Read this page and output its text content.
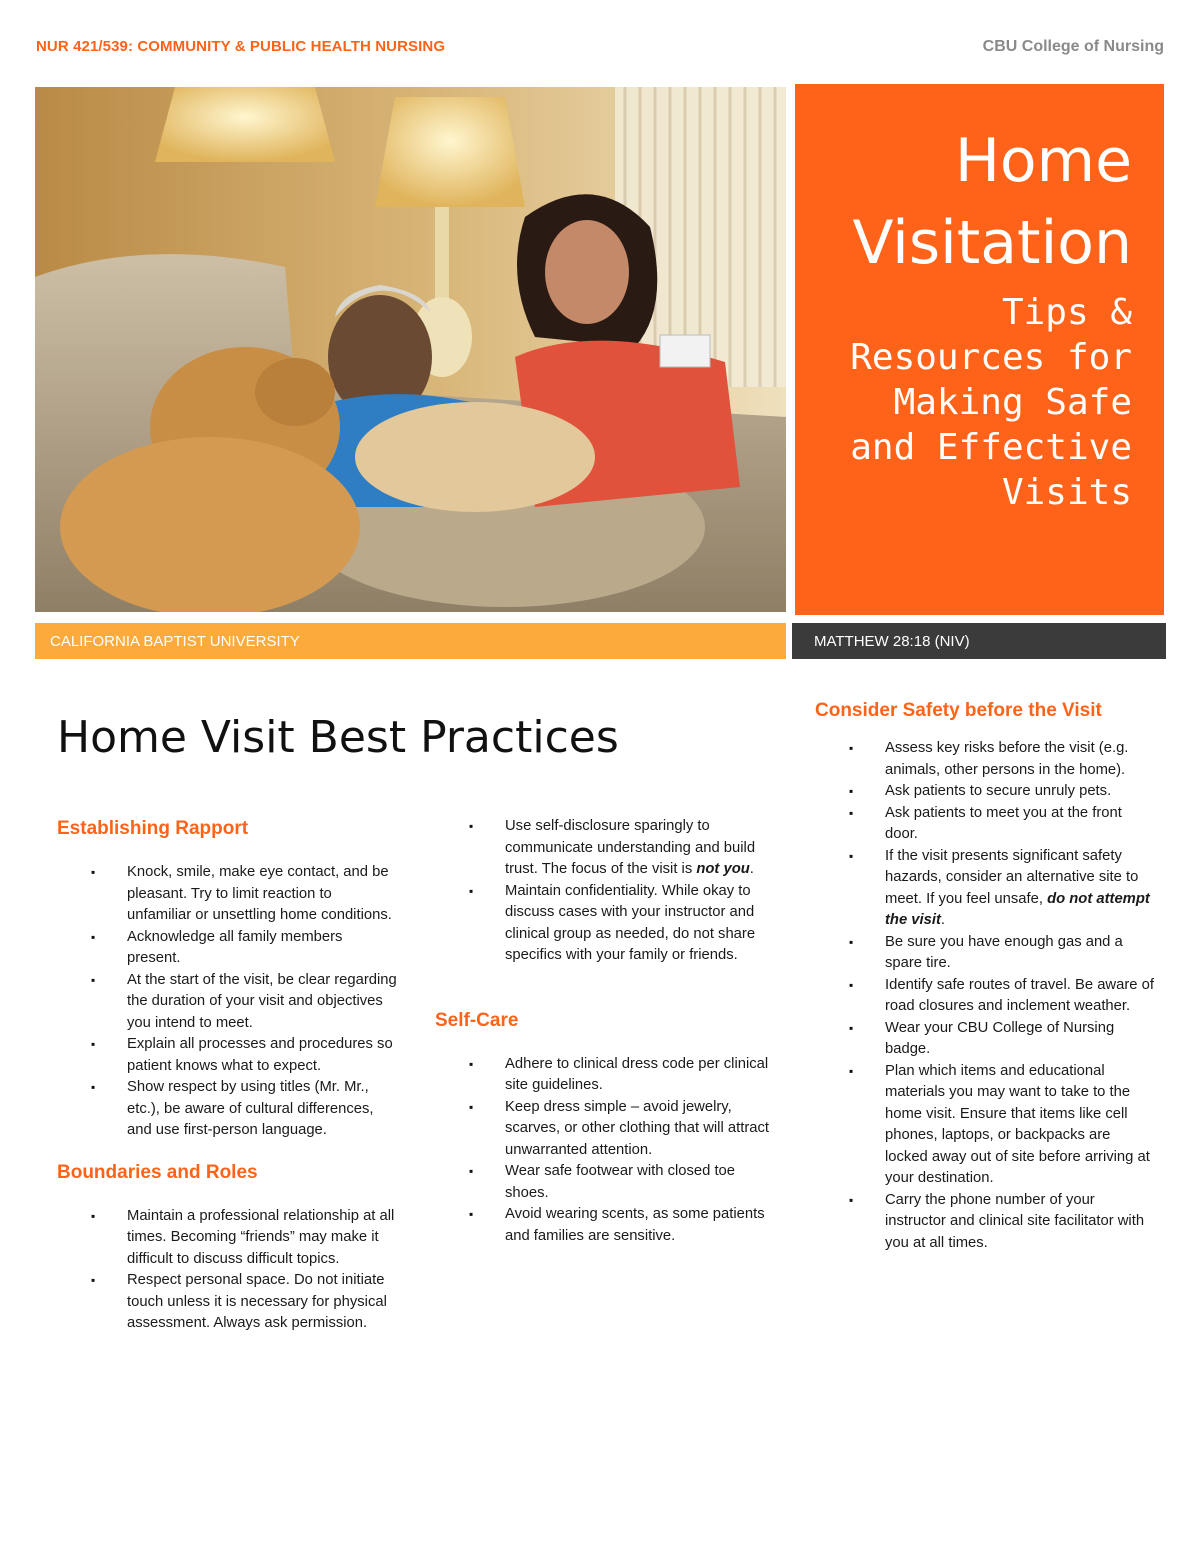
NUR 421/539: COMMUNITY & PUBLIC HEALTH NURSING	CBU College of Nursing
Home Visitation
Tips & Resources for Making Safe and Effective Visits
CALIFORNIA BAPTIST UNIVERSITY	MATTHEW 28:18 (NIV)
Home Visit Best Practices
Establishing Rapport
▪ Knock, smile, make eye contact, and be pleasant. Try to limit reaction to unfamiliar or unsettling home conditions.
▪ Acknowledge all family members present.
▪ At the start of the visit, be clear regarding the duration of your visit and objectives you intend to meet.
▪ Explain all processes and procedures so patient knows what to expect.
▪ Show respect by using titles (Mr. Mr., etc.), be aware of cultural differences, and use first-person language.
Boundaries and Roles
▪ Maintain a professional relationship at all times. Becoming “friends” may make it difficult to discuss difficult topics.
▪ Respect personal space. Do not initiate touch unless it is necessary for physical assessment. Always ask permission.
▪ Use self-disclosure sparingly to communicate understanding and build trust. The focus of the visit is not you.
▪ Maintain confidentiality. While okay to discuss cases with your instructor and clinical group as needed, do not share specifics with your family or friends.
Self-Care
▪ Adhere to clinical dress code per clinical site guidelines.
▪ Keep dress simple – avoid jewelry, scarves, or other clothing that will attract unwarranted attention.
▪ Wear safe footwear with closed toe shoes.
▪ Avoid wearing scents, as some patients and families are sensitive.
Consider Safety before the Visit
▪ Assess key risks before the visit (e.g. animals, other persons in the home).
▪ Ask patients to secure unruly pets.
▪ Ask patients to meet you at the front door.
▪ If the visit presents significant safety hazards, consider an alternative site to meet. If you feel unsafe, do not attempt the visit.
▪ Be sure you have enough gas and a spare tire.
▪ Identify safe routes of travel. Be aware of road closures and inclement weather.
▪ Wear your CBU College of Nursing badge.
▪ Plan which items and educational materials you may want to take to the home visit. Ensure that items like cell phones, laptops, or backpacks are locked away out of site before arriving at your destination.
▪ Carry the phone number of your instructor and clinical site facilitator with you at all times.
